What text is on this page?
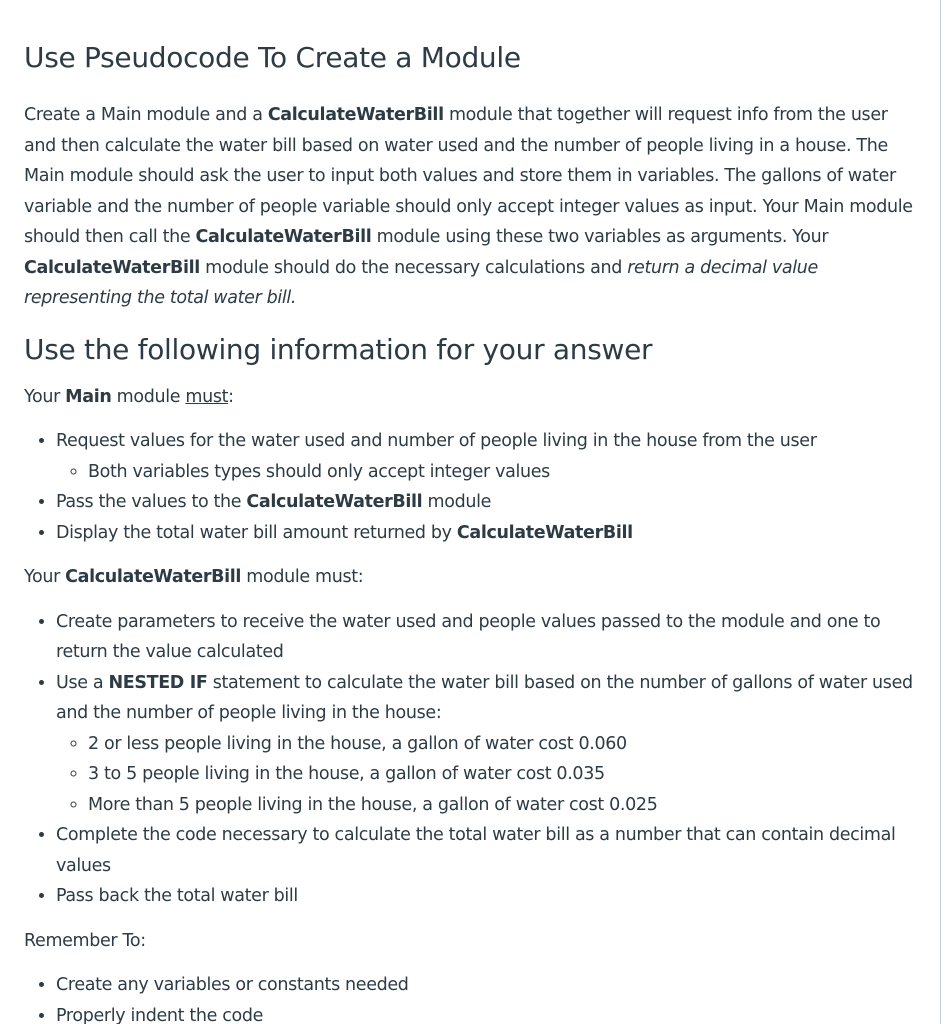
Use Pseudocode To Create a Module

Create a Main module and a CalculateWaterBill module that together will request info from the user and then calculate the water bill based on water used and the number of people living in a house. The Main module should ask the user to input both values and store them in variables. The gallons of water variable and the number of people variable should only accept integer values as input. Your Main module should then call the CalculateWaterBill module using these two variables as arguments. Your CalculateWaterBill module should do the necessary calculations and return a decimal value representing the total water bill.

Use the following information for your answer

Your Main module must:

• Request values for the water used and number of people living in the house from the user
◦ Both variables types should only accept integer values
• Pass the values to the CalculateWaterBill module
• Display the total water bill amount returned by CalculateWaterBill

Your CalculateWaterBill module must:

• Create parameters to receive the water used and people values passed to the module and one to return the value calculated
• Use a NESTED IF statement to calculate the water bill based on the number of gallons of water used and the number of people living in the house:
◦ 2 or less people living in the house, a gallon of water cost 0.060
◦ 3 to 5 people living in the house, a gallon of water cost 0.035
◦ More than 5 people living in the house, a gallon of water cost 0.025
• Complete the code necessary to calculate the total water bill as a number that can contain decimal values
• Pass back the total water bill

Remember To:

• Create any variables or constants needed
• Properly indent the code
